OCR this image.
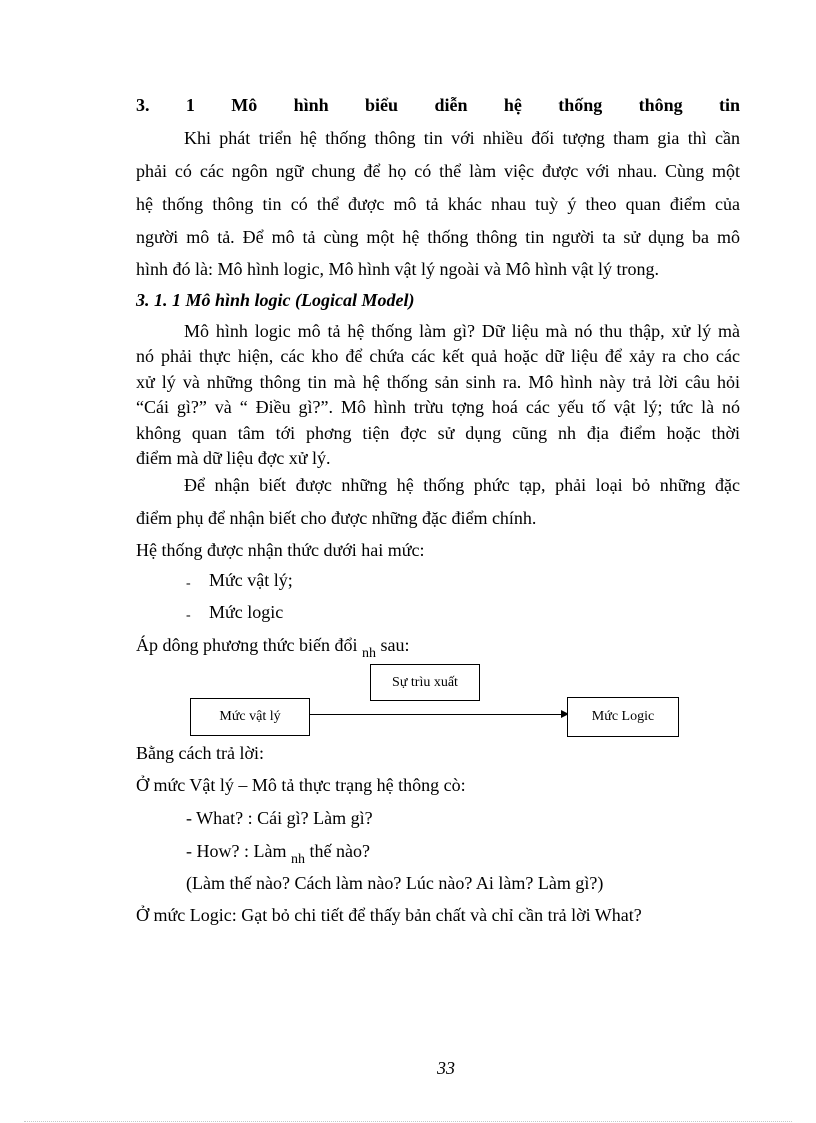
3. 1 Mô hình biểu diễn hệ thống thông tin
Khi phát triển hệ thống thông tin với nhiều đối tượng tham gia thì cần
phải có các ngôn ngữ chung để họ có thể làm việc được với nhau. Cùng một
hệ thống thông tin có thể được mô tả khác nhau tuỳ ý theo quan điểm của
người mô tả. Để mô tả cùng một hệ thống thông tin người ta sử dụng ba mô
hình đó là: Mô hình logic, Mô hình vật lý ngoài và Mô hình vật lý trong.
3. 1. 1 Mô hình logic (Logical Model)
Mô hình logic mô tả hệ thống làm gì? Dữ liệu mà nó thu thập, xử lý mà
nó phải thực hiện, các kho để chứa các kết quả hoặc dữ liệu để xảy ra cho các
xử lý và những thông tin mà hệ thống sản sinh ra. Mô hình này trả lời câu hỏi
“Cái gì?” và “ Điều gì?”. Mô hình trừu tợng hoá các yếu tố vật lý; tức là nó
không quan tâm tới phơng tiện đợc sử dụng cũng nh địa điểm hoặc thời
điểm mà dữ liệu đợc xử lý.
Để nhận biết được những hệ thống phức tạp, phải loại bỏ những đặc
điểm phụ để nhận biết cho được những đặc điểm chính.
Hệ thống được nhận thức dưới hai mức:
- Mức vật lý;
- Mức logic
Áp dông phương thức biến đổi $_{nh}$ sau:
Sự trìu xuất
Mức vật lý	Mức Logic
Bằng cách trả lời:
Ở mức Vật lý – Mô tả thực trạng hệ thông cò:
- What? : Cái gì? Làm gì?
- How? : Làm $_{nh}$ thế nào?
(Làm thế nào? Cách làm nào? Lúc nào? Ai làm? Làm gì?)
Ở mức Logic: Gạt bỏ chi tiết để thấy bản chất và chỉ cần trả lời What?
33
